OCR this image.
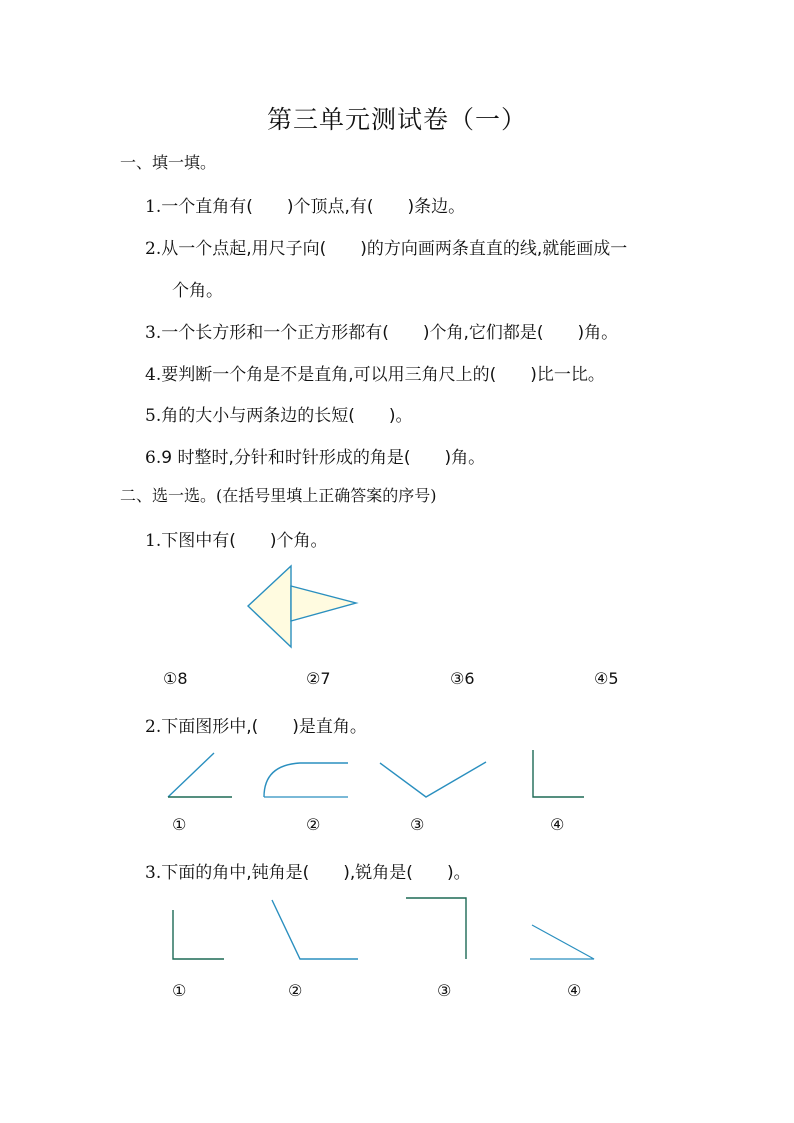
第三单元测试卷（一）
一、填一填。
1.一个直角有(　　)个顶点,有(　　)条边。
2.从一个点起,用尺子向(　　)的方向画两条直直的线,就能画成一
个角。
3.一个长方形和一个正方形都有(　　)个角,它们都是(　　)角。
4.要判断一个角是不是直角,可以用三角尺上的(　　)比一比。
5.角的大小与两条边的长短(　　)。
6.9 时整时,分针和时针形成的角是(　　)角。
二、选一选。(在括号里填上正确答案的序号)
1.下图中有(　　)个角。
①8	②7	③6	④5
2.下面图形中,(　　)是直角。
①	②	③	④
3.下面的角中,钝角是(　　),锐角是(　　)。
①	②	③	④
